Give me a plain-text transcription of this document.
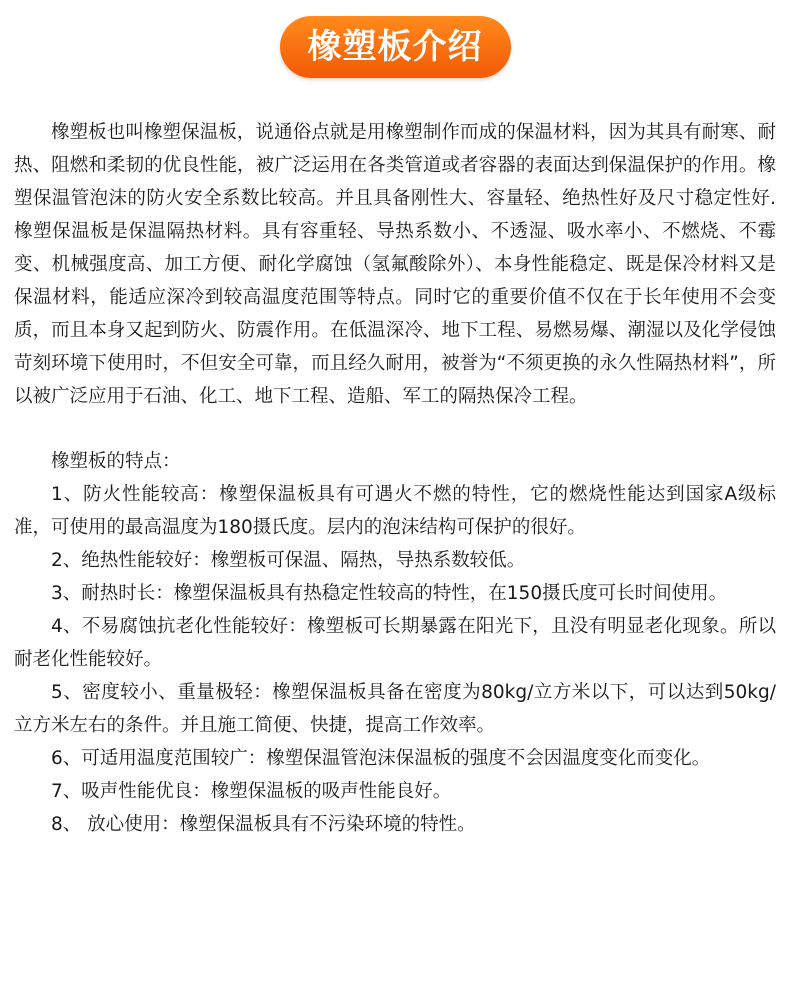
橡塑板介绍

橡塑板也叫橡塑保温板，说通俗点就是用橡塑制作而成的保温材料，因为其具有耐寒、耐热、阻燃和柔韧的优良性能，被广泛运用在各类管道或者容器的表面达到保温保护的作用。橡塑保温管泡沫的防火安全系数比较高。并且具备刚性大、容量轻、绝热性好及尺寸稳定性好.橡塑保温板是保温隔热材料。具有容重轻、导热系数小、不透湿、吸水率小、不燃烧、不霉变、机械强度高、加工方便、耐化学腐蚀（氢氟酸除外）、本身性能稳定、既是保冷材料又是保温材料，能适应深冷到较高温度范围等特点。同时它的重要价值不仅在于长年使用不会变质，而且本身又起到防火、防震作用。在低温深冷、地下工程、易燃易爆、潮湿以及化学侵蚀苛刻环境下使用时，不但安全可靠，而且经久耐用，被誉为“不须更换的永久性隔热材料”，所以被广泛应用于石油、化工、地下工程、造船、军工的隔热保冷工程。

橡塑板的特点：

1、防火性能较高：橡塑保温板具有可遇火不燃的特性，它的燃烧性能达到国家A级标准，可使用的最高温度为180摄氏度。层内的泡沫结构可保护的很好。

2、绝热性能较好：橡塑板可保温、隔热，导热系数较低。

3、耐热时长：橡塑保温板具有热稳定性较高的特性，在150摄氏度可长时间使用。

4、不易腐蚀抗老化性能较好：橡塑板可长期暴露在阳光下，且没有明显老化现象。所以耐老化性能较好。

5、密度较小、重量极轻：橡塑保温板具备在密度为80kg/立方米以下，可以达到50kg/立方米左右的条件。并且施工简便、快捷，提高工作效率。

6、可适用温度范围较广：橡塑保温管泡沫保温板的强度不会因温度变化而变化。

7、吸声性能优良：橡塑保温板的吸声性能良好。

8、 放心使用：橡塑保温板具有不污染环境的特性。
